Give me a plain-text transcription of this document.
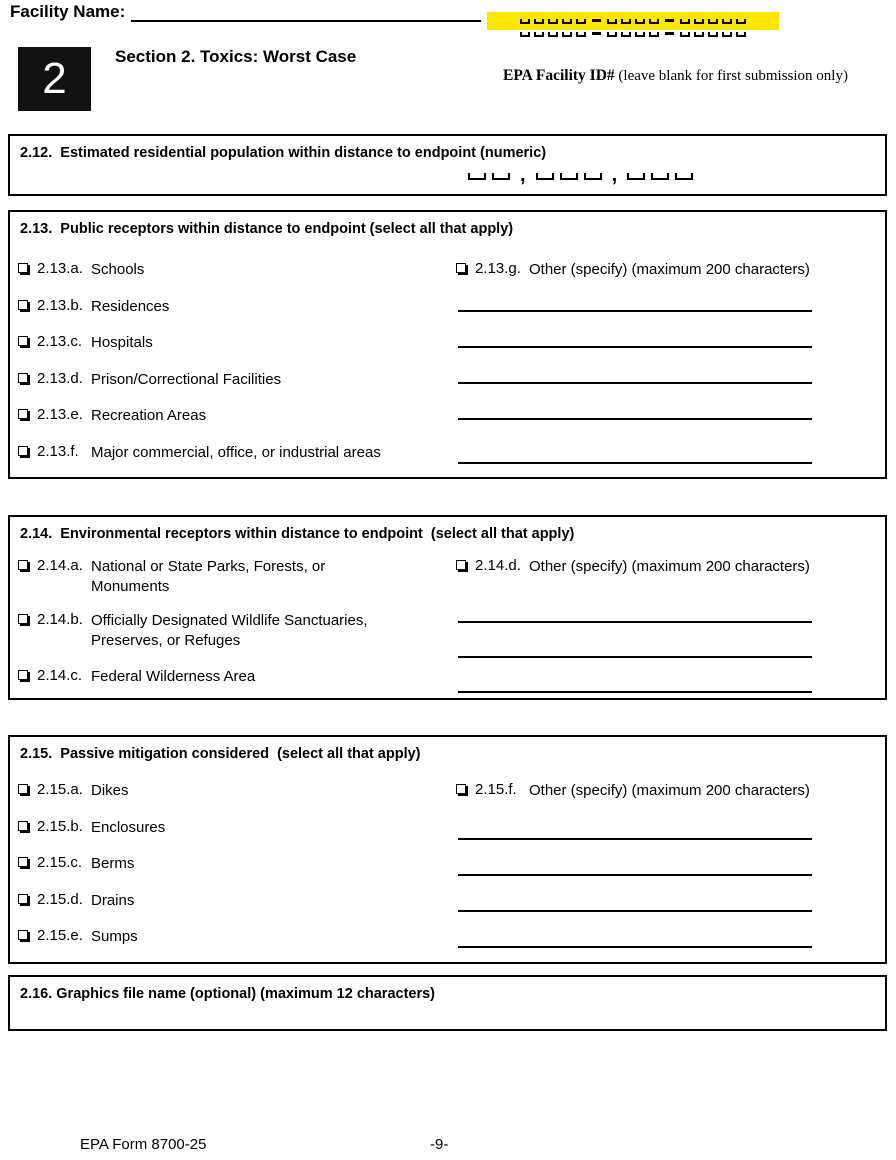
Facility Name:
2	Section 2. Toxics: Worst Case

EPA Facility ID# (leave blank for first submission only)

2.12.  Estimated residential population within distance to endpoint (numeric)
,	,
2.13.  Public receptors within distance to endpoint (select all that apply)
2.13.a. Schools
2.13.b. Residences
2.13.c. Hospitals
2.13.d. Prison/Correctional Facilities
2.13.e. Recreation Areas
2.13.f. Major commercial, office, or industrial areas
2.13.g. Other (specify) (maximum 200 characters)
2.14.  Environmental receptors within distance to endpoint  (select all that apply)
2.14.a. National or State Parks, Forests, or Monuments
2.14.b. Officially Designated Wildlife Sanctuaries, Preserves, or Refuges
2.14.c. Federal Wilderness Area
2.14.d. Other (specify) (maximum 200 characters)
2.15.  Passive mitigation considered  (select all that apply)
2.15.a. Dikes
2.15.b. Enclosures
2.15.c. Berms
2.15.d. Drains
2.15.e. Sumps
2.15.f. Other (specify) (maximum 200 characters)
2.16. Graphics file name (optional) (maximum 12 characters)
EPA Form 8700-25	-9-
